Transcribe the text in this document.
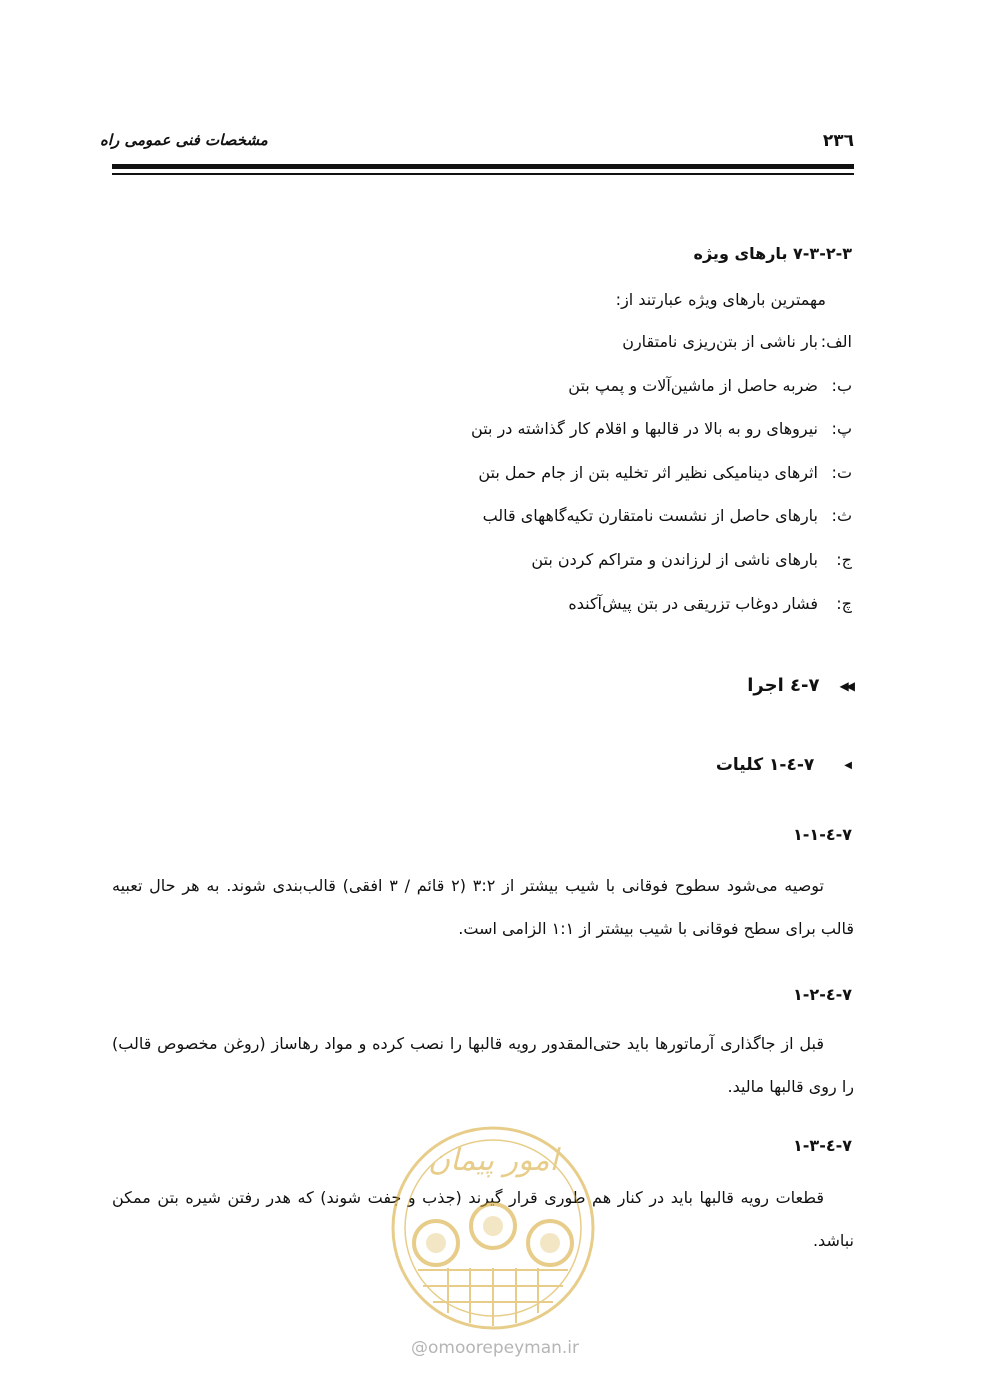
۲۳٦
مشخصات فنی عمومی راه
۷-۳-۲-۳ بارهای ویژه
مهمترین بارهای ویژه عبارتند از:
الف:
بار ناشی از بتن‌ریزی نامتقارن
ب:
ضربه حاصل از ماشین‌آلات و پمپ بتن
پ:
نیروهای رو به بالا در قالبها و اقلام کار گذاشته در بتن
ت:
اثرهای دینامیکی نظیر اثر تخلیه بتن از جام حمل بتن
ث:
بارهای حاصل از نشست نامتقارن تکیه‌گاههای قالب
ج:
بارهای ناشی از لرزاندن و متراکم کردن بتن
چ:
فشار دوغاب تزریقی در بتن پیش‌آکنده
◀◀
۷-٤ اجرا
◀
۷-٤-۱ کلیات
۷-٤-۱-۱
توصیه می‌شود سطوح فوقانی با شیب بیشتر از ۳:۲ (۲ قائم / ۳ افقی) قالب‌بندی شوند. به هر حال تعبیه قالب برای سطح فوقانی با شیب بیشتر از ۱:۱ الزامی است.
۷-٤-۱-۲
قبل از جاگذاری آرماتورها باید حتی‌المقدور رویه قالبها را نصب کرده و مواد رهاساز (روغن مخصوص قالب) را روی قالبها مالید.
۷-٤-۱-۳
قطعات رویه قالبها باید در کنار هم طوری قرار گیرند (جذب و جفت شوند) که هدر رفتن شیره بتن ممکن نباشد.
امور پیمان
@omoorepeyman.ir
